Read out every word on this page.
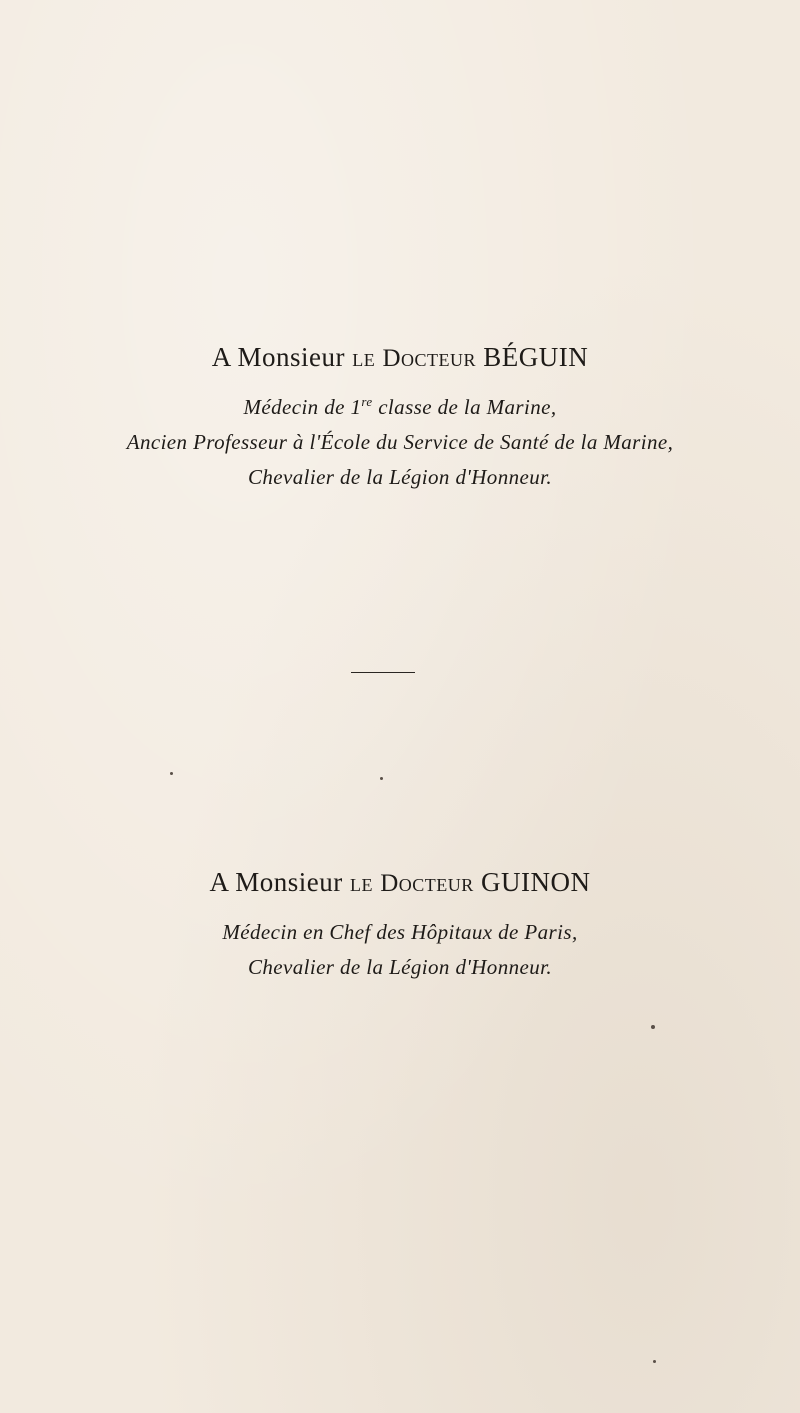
A Monsieur le Docteur BÉGUIN

Médecin de 1re classe de la Marine,

Ancien Professeur à l'École du Service de Santé de la Marine,

Chevalier de la Légion d'Honneur.

A Monsieur le Docteur GUINON

Médecin en Chef des Hôpitaux de Paris,

Chevalier de la Légion d'Honneur.
